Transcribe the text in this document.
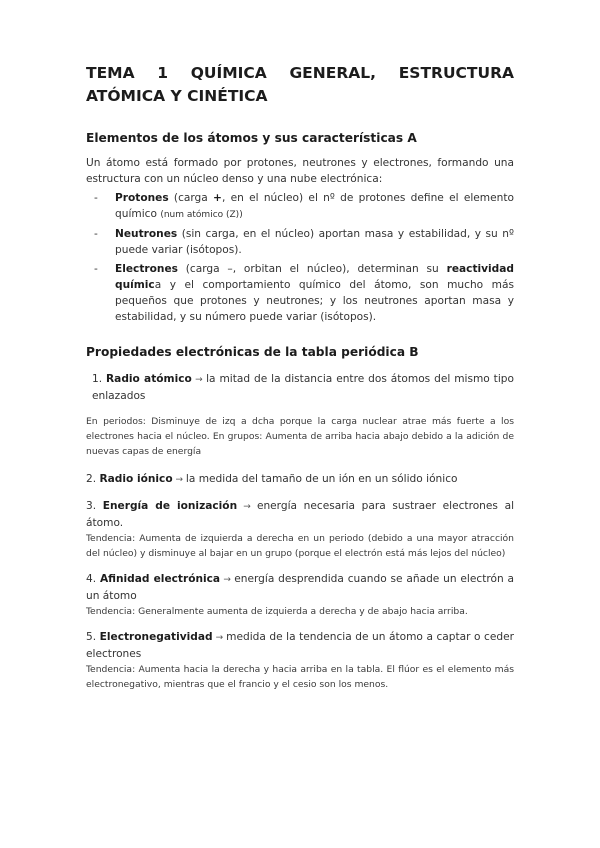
TEMA 1 QUÍMICA GENERAL, ESTRUCTURA
ATÓMICA Y CINÉTICA
Elementos de los átomos y sus características A

Un átomo está formado por protones, neutrones y electrones, formando una estructura con un núcleo denso y una nube electrónica:

- Protones (carga +, en el núcleo) el nº de protones define el elemento químico (num atómico (Z))
- Neutrones (sin carga, en el núcleo) aportan masa y estabilidad, y su nº puede variar (isótopos).
- Electrones (carga –, orbitan el núcleo), determinan su reactividad química y el comportamiento químico del átomo, son mucho más pequeños que protones y neutrones; y los neutrones aportan masa y estabilidad, y su número puede variar (isótopos).
Propiedades electrónicas de la tabla periódica B

1. Radio atómico → la mitad de la distancia entre dos átomos del mismo tipo enlazados

En periodos: Disminuye de izq a dcha porque la carga nuclear atrae más fuerte a los electrones hacia el núcleo. En grupos: Aumenta de arriba hacia abajo debido a la adición de nuevas capas de energía

2. Radio iónico → la medida del tamaño de un ión en un sólido iónico

3. Energía de ionización → energía necesaria para sustraer electrones al átomo.

Tendencia: Aumenta de izquierda a derecha en un periodo (debido a una mayor atracción del núcleo) y disminuye al bajar en un grupo (porque el electrón está más lejos del núcleo)

4. Afinidad electrónica → energía desprendida cuando se añade un electrón a un átomo

Tendencia: Generalmente aumenta de izquierda a derecha y de abajo hacia arriba.

5. Electronegatividad → medida de la tendencia de un átomo a captar o ceder electrones

Tendencia: Aumenta hacia la derecha y hacia arriba en la tabla. El flúor es el elemento más electronegativo, mientras que el francio y el cesio son los menos.
